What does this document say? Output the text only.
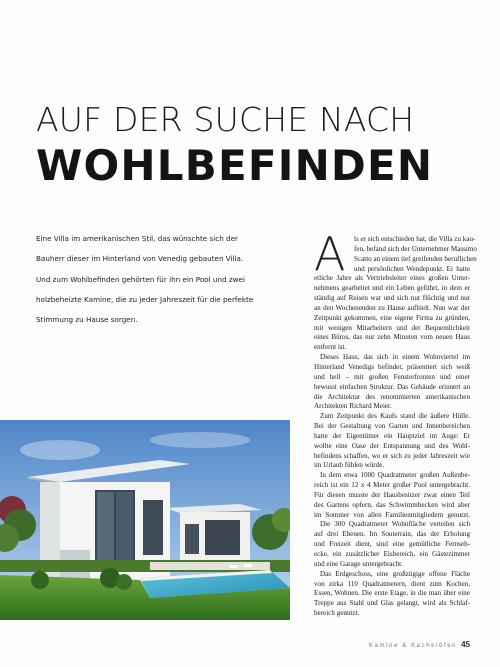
AUF DER SUCHE NACH
WOHLBEFINDEN
Eine Villa im amerikanischen Stil, das wünschte sich der
Bauherr dieser im Hinterland von Venedig gebauten Villa.
Und zum Wohlbefinden gehörten für ihn ein Pool und zwei
holzbeheizte Kamine, die zu jeder Jahreszeit für die perfekte
Stimmung zu Hause sorgen.
A	ls er sich entschieden hat, die Villa zu kau-
fen, befand sich der Unternehmer Massimo
Scatto an einem tief greifenden beruflichen
und persönlichen Wendepunkt. Er hatte
etliche Jahre als Vertriebsleiter eines großen Unter-
nehmens gearbeitet und ein Leben geführt, in dem er
ständig auf Reisen war und sich nur flüchtig und nur
an den Wochenenden zu Hause aufhielt. Nun war der
Zeitpunkt gekommen, eine eigene Firma zu gründen,
mit wenigen Mitarbeitern und der Bequemlichkeit
eines Büros, das nur zehn Minuten vom neuen Haus
entfernt ist.
Dieses Haus, das sich in einem Wohnviertel im
Hinterland Venedigs befindet, präsentiert sich weiß
und hell – mit großen Fensterfronten und einer
bewusst einfachen Struktur. Das Gebäude erinnert an
die Architektur des renommierten amerikanischen
Architekten Richard Meier.
Zum Zeitpunkt des Kaufs stand die äußere Hülle.
Bei der Gestaltung von Garten und Innenbereichen
hatte der Eigentümer ein Hauptziel im Auge: Er
wollte eine Oase der Entspannung und des Wohl-
befindens schaffen, wo er sich zu jeder Jahreszeit wie
im Urlaub fühlen würde.
In dem etwa 1000 Quadratmeter großen Außenbe-
reich ist ein 12 x 4 Meter großer Pool untergebracht.
Für diesen musste der Hausbesitzer zwar einen Teil
des Gartens opfern, das Schwimmbecken wird aber
im Sommer von allen Familienmitgliedern genutzt.
Die 300 Quadratmeter Wohnfläche verteilen sich
auf drei Ebenen. Im Souterrain, das der Erholung
und Freizeit dient, sind eine gemütliche Fernseh-
ecke, ein zusätzlicher Eisbereich, ein Gästezimmer
und eine Garage untergebracht.
Das Erdgeschoss, eine großzügige offene Fläche
von zirka 110 Quadratmetern, dient zum Kochen,
Essen, Wohnen. Die erste Etage, in die man über eine
Treppe aus Stahl und Glas gelangt, wird als Schlaf-
bereich genutzt.
Kamine & Kachelöfen 45
